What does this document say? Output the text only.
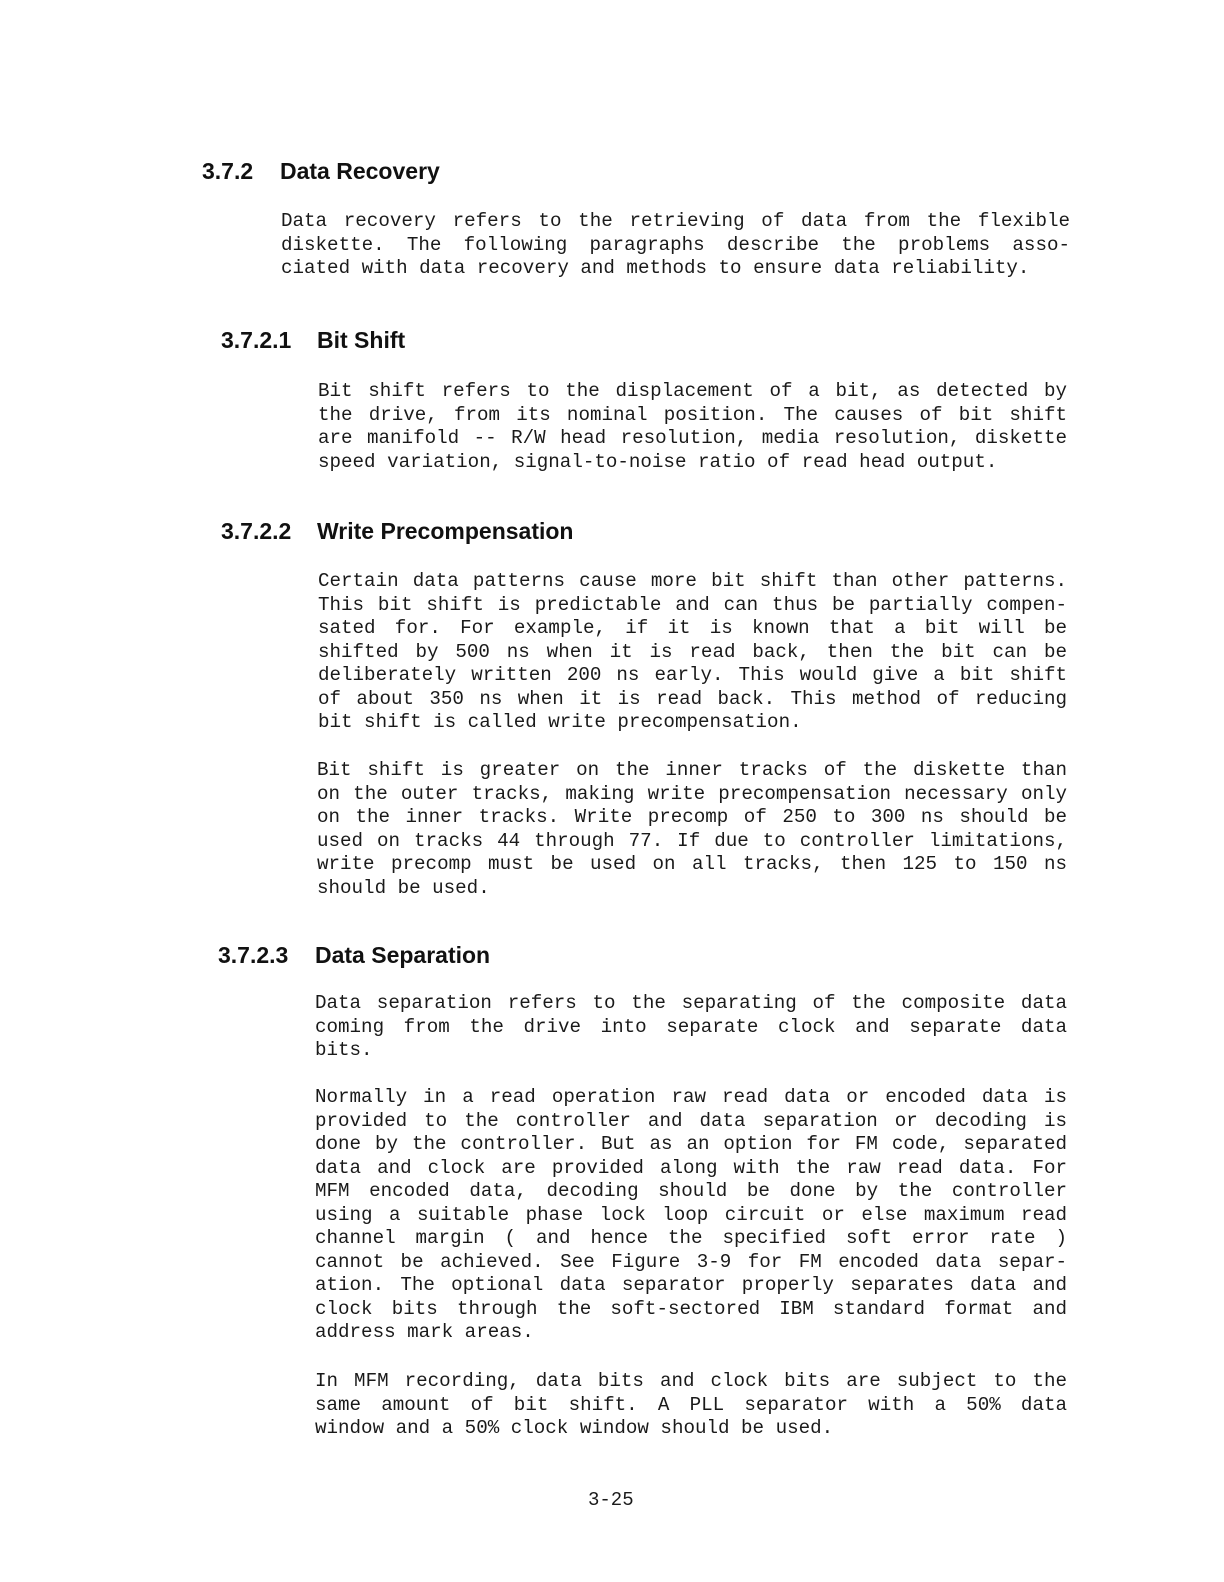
3.7.2 Data Recovery
Data recovery refers to the retrieving of data from the flexible
diskette. The following paragraphs describe the problems asso-
ciated with data recovery and methods to ensure data reliability.
3.7.2.1 Bit Shift
Bit shift refers to the displacement of a bit, as detected by
the drive, from its nominal position. The causes of bit shift
are manifold -- R/W head resolution, media resolution, diskette
speed variation, signal-to-noise ratio of read head output.
3.7.2.2 Write Precompensation
Certain data patterns cause more bit shift than other patterns.
This bit shift is predictable and can thus be partially compen-
sated for. For example, if it is known that a bit will be
shifted by 500 ns when it is read back, then the bit can be
deliberately written 200 ns early. This would give a bit shift
of about 350 ns when it is read back. This method of reducing
bit shift is called write precompensation.
Bit shift is greater on the inner tracks of the diskette than
on the outer tracks, making write precompensation necessary only
on the inner tracks. Write precomp of 250 to 300 ns should be
used on tracks 44 through 77. If due to controller limitations,
write precomp must be used on all tracks, then 125 to 150 ns
should be used.
3.7.2.3 Data Separation
Data separation refers to the separating of the composite data
coming from the drive into separate clock and separate data
bits.
Normally in a read operation raw read data or encoded data is
provided to the controller and data separation or decoding is
done by the controller. But as an option for FM code, separated
data and clock are provided along with the raw read data. For
MFM encoded data, decoding should be done by the controller
using a suitable phase lock loop circuit or else maximum read
channel margin ( and hence the specified soft error rate )
cannot be achieved. See Figure 3-9 for FM encoded data separ-
ation. The optional data separator properly separates data and
clock bits through the soft-sectored IBM standard format and
address mark areas.
In MFM recording, data bits and clock bits are subject to the
same amount of bit shift. A PLL separator with a 50% data
window and a 50% clock window should be used.
3-25
